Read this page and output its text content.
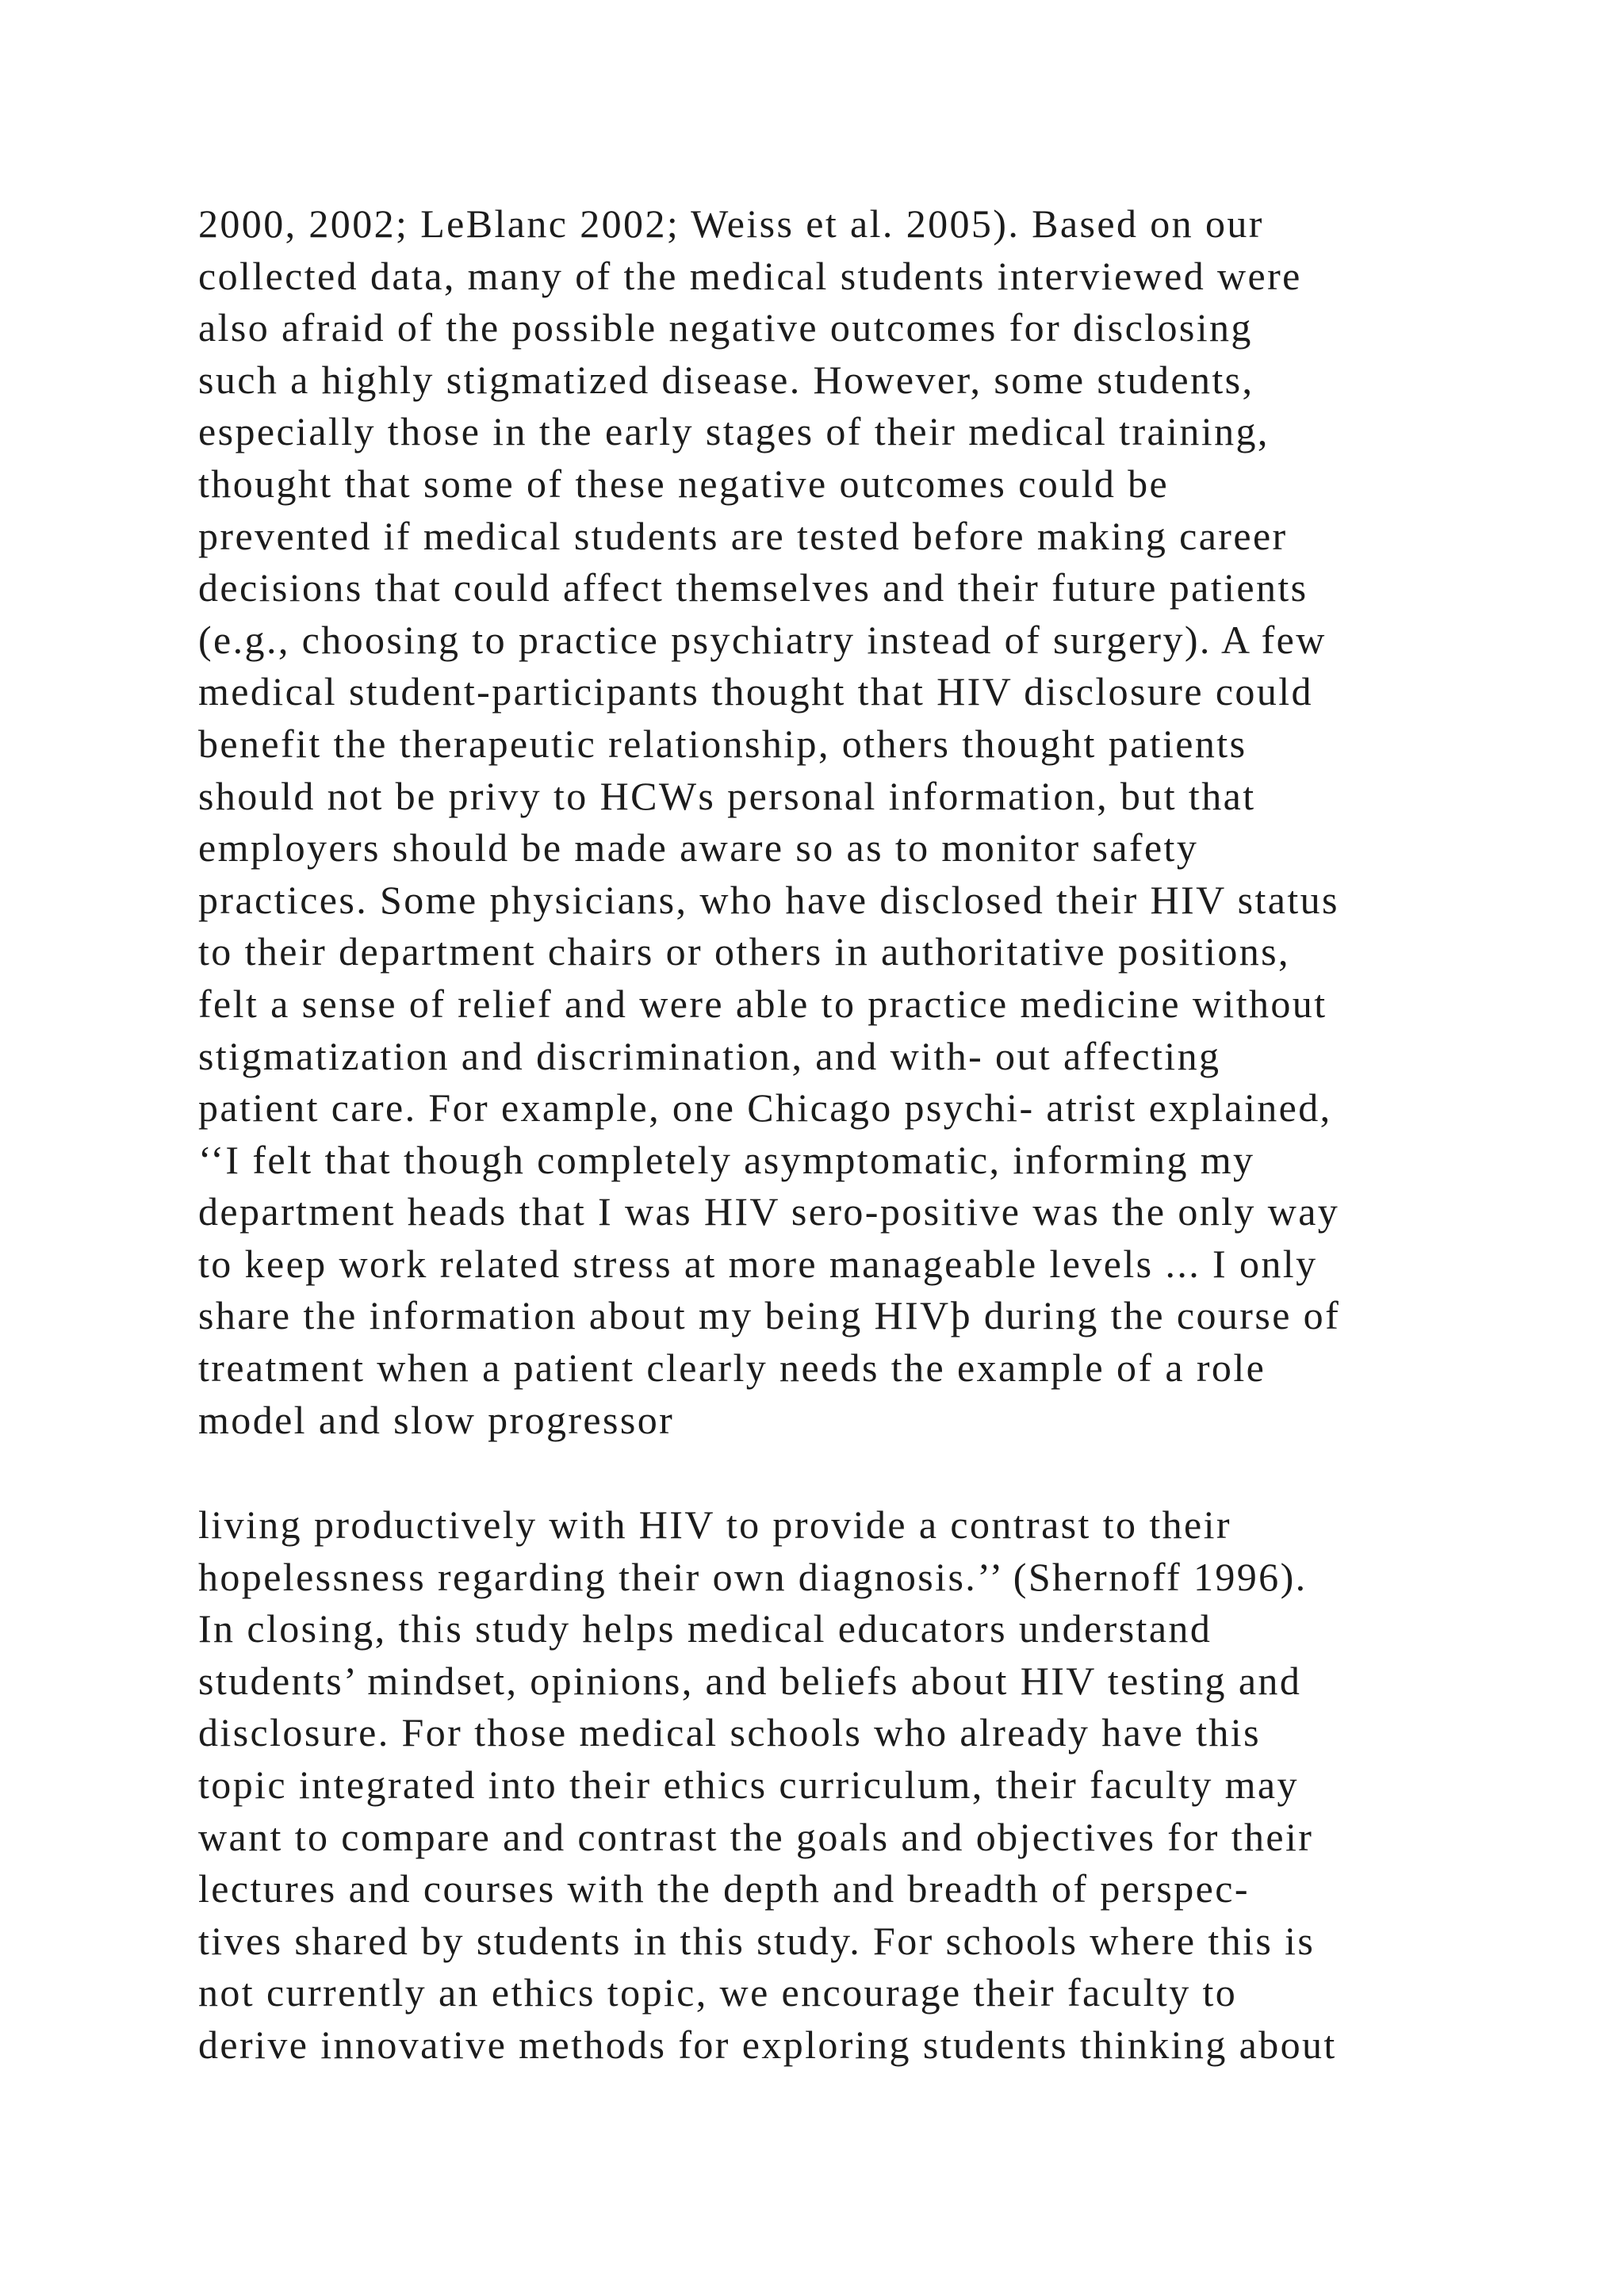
2000, 2002; LeBlanc 2002; Weiss et al. 2005). Based on our
collected data, many of the medical students interviewed were
also afraid of the possible negative outcomes for disclosing
such a highly stigmatized disease. However, some students,
especially those in the early stages of their medical training,
thought that some of these negative outcomes could be
prevented if medical students are tested before making career
decisions that could affect themselves and their future patients
(e.g., choosing to practice psychiatry instead of surgery). A few
medical student-participants thought that HIV disclosure could
benefit the therapeutic relationship, others thought patients
should not be privy to HCWs personal information, but that
employers should be made aware so as to monitor safety
practices. Some physicians, who have disclosed their HIV status
to their department chairs or others in authoritative positions,
felt a sense of relief and were able to practice medicine without
stigmatization and discrimination, and with- out affecting
patient care. For example, one Chicago psychi- atrist explained,
‘‘I felt that though completely asymptomatic, informing my
department heads that I was HIV sero-positive was the only way
to keep work related stress at more manageable levels ... I only
share the information about my being HIVþ during the course of
treatment when a patient clearly needs the example of a role
model and slow progressor
living productively with HIV to provide a contrast to their
hopelessness regarding their own diagnosis.’’ (Shernoff 1996).
In closing, this study helps medical educators understand
students’ mindset, opinions, and beliefs about HIV testing and
disclosure. For those medical schools who already have this
topic integrated into their ethics curriculum, their faculty may
want to compare and contrast the goals and objectives for their
lectures and courses with the depth and breadth of perspec-
tives shared by students in this study. For schools where this is
not currently an ethics topic, we encourage their faculty to
derive innovative methods for exploring students thinking about
